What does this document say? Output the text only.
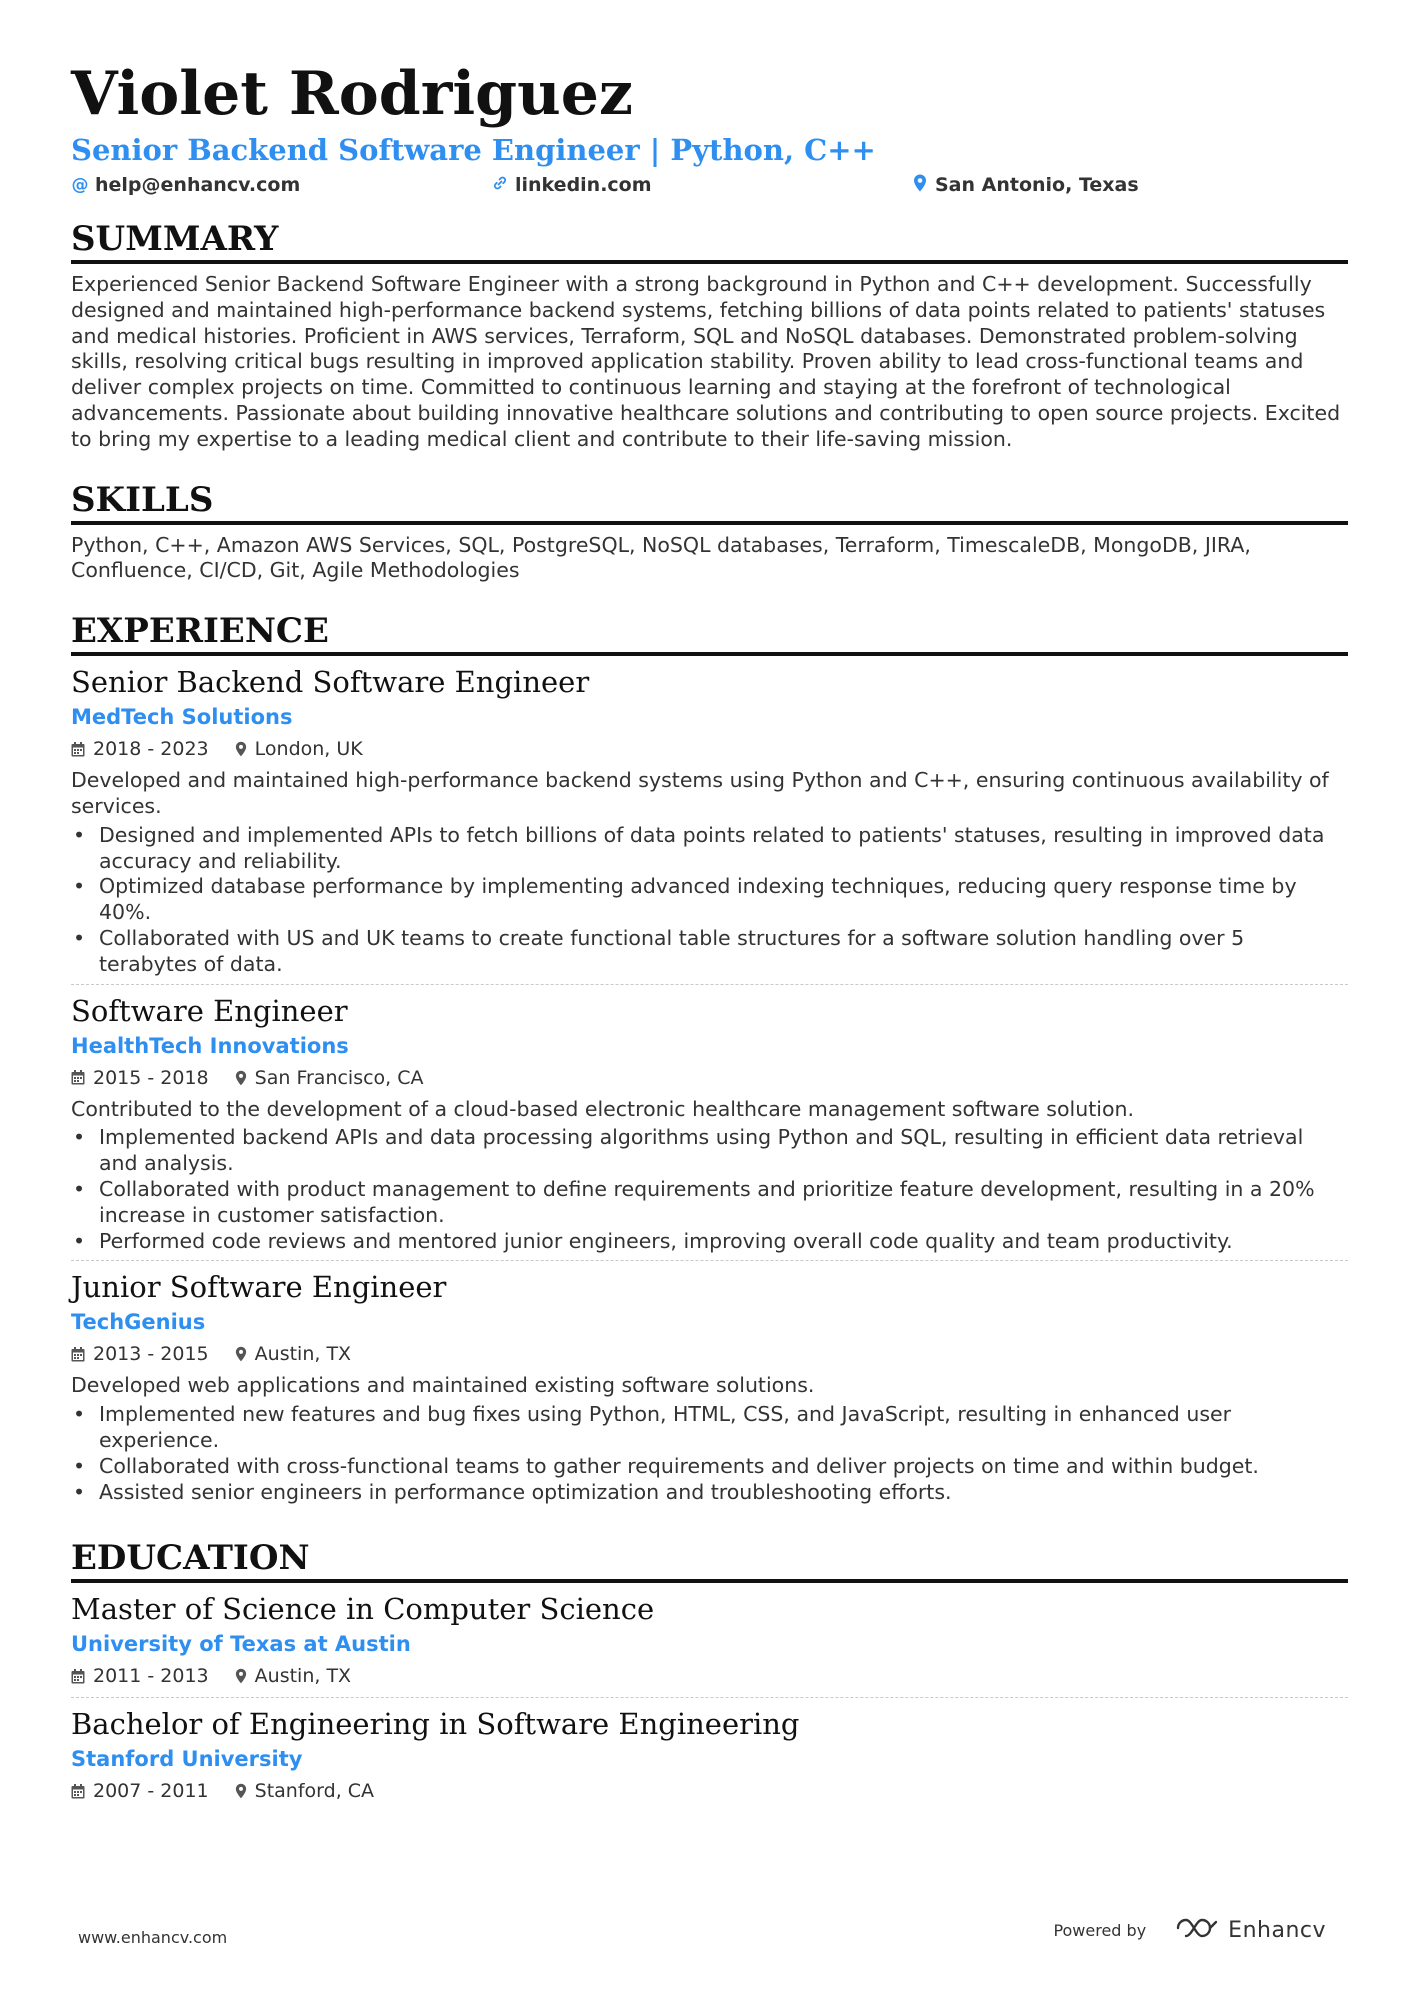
Violet Rodriguez
Senior Backend Software Engineer | Python, C++
@ help@enhancv.com	linkedin.com	San Antonio, Texas
SUMMARY
Experienced Senior Backend Software Engineer with a strong background in Python and C++ development. Successfully designed and maintained high-performance backend systems, fetching billions of data points related to patients' statuses and medical histories. Proficient in AWS services, Terraform, SQL and NoSQL databases. Demonstrated problem-solving skills, resolving critical bugs resulting in improved application stability. Proven ability to lead cross-functional teams and deliver complex projects on time. Committed to continuous learning and staying at the forefront of technological advancements. Passionate about building innovative healthcare solutions and contributing to open source projects. Excited to bring my expertise to a leading medical client and contribute to their life-saving mission.
SKILLS
Python, C++, Amazon AWS Services, SQL, PostgreSQL, NoSQL databases, Terraform, TimescaleDB, MongoDB, JIRA, Confluence, CI/CD, Git, Agile Methodologies
EXPERIENCE
Senior Backend Software Engineer
MedTech Solutions
2018 - 2023 London, UK
Developed and maintained high-performance backend systems using Python and C++, ensuring continuous availability of services.
• Designed and implemented APIs to fetch billions of data points related to patients' statuses, resulting in improved data accuracy and reliability.
• Optimized database performance by implementing advanced indexing techniques, reducing query response time by 40%.
• Collaborated with US and UK teams to create functional table structures for a software solution handling over 5 terabytes of data.
Software Engineer
HealthTech Innovations
2015 - 2018 San Francisco, CA
Contributed to the development of a cloud-based electronic healthcare management software solution.
• Implemented backend APIs and data processing algorithms using Python and SQL, resulting in efficient data retrieval and analysis.
• Collaborated with product management to define requirements and prioritize feature development, resulting in a 20% increase in customer satisfaction.
• Performed code reviews and mentored junior engineers, improving overall code quality and team productivity.
Junior Software Engineer
TechGenius
2013 - 2015 Austin, TX
Developed web applications and maintained existing software solutions.
• Implemented new features and bug fixes using Python, HTML, CSS, and JavaScript, resulting in enhanced user experience.
• Collaborated with cross-functional teams to gather requirements and deliver projects on time and within budget.
• Assisted senior engineers in performance optimization and troubleshooting efforts.
EDUCATION
Master of Science in Computer Science
University of Texas at Austin
2011 - 2013 Austin, TX
Bachelor of Engineering in Software Engineering
Stanford University
2007 - 2011 Stanford, CA
www.enhancv.com	Powered by	Enhancv
